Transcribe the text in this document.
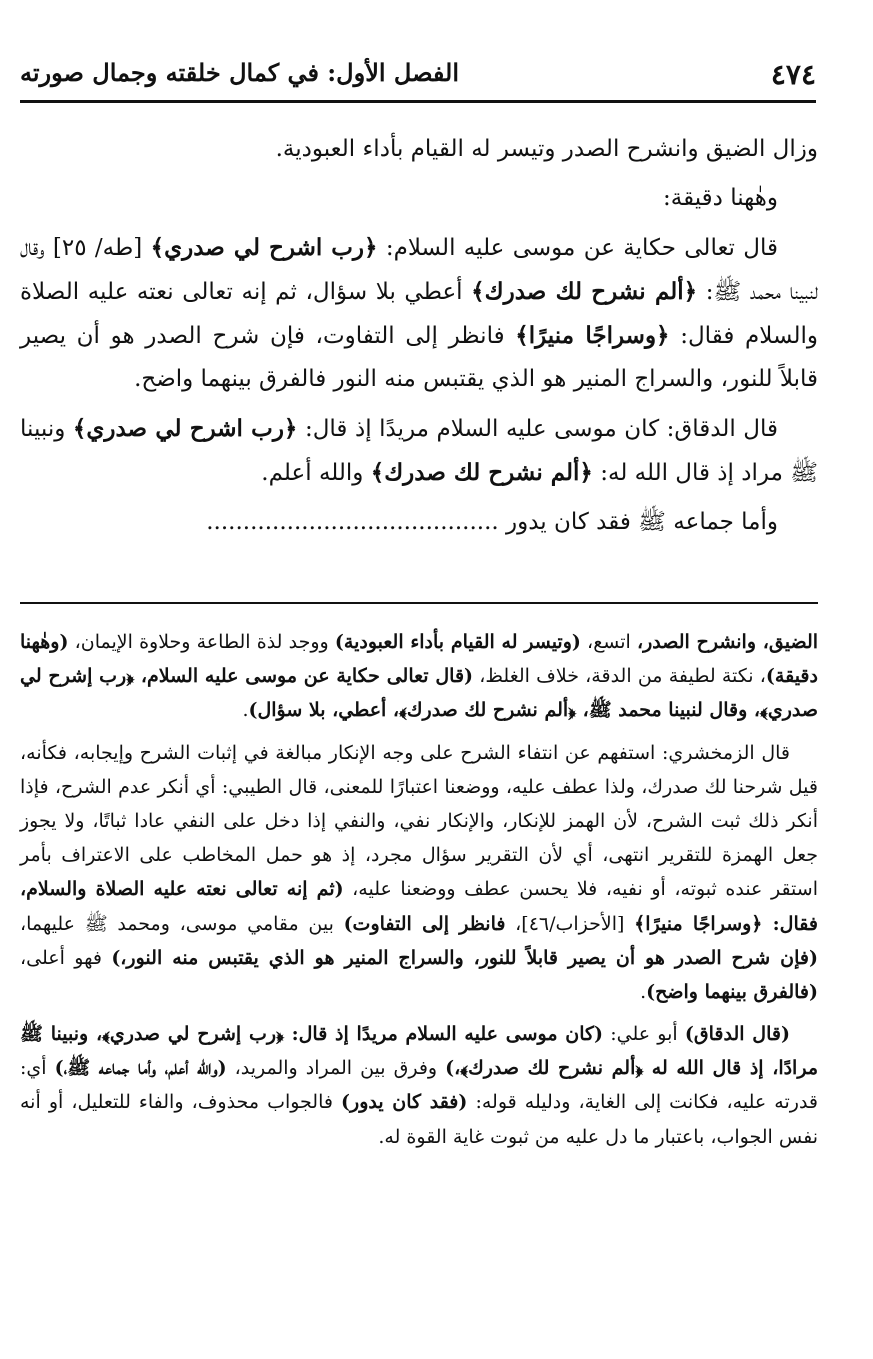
٤٧٤
الفصل الأول: في كمال خلقته وجمال صورته

وزال الضيق وانشرح الصدر وتيسر له القيام بأداء العبودية.

وهٰهنا دقيقة:

قال تعالى حكاية عن موسى عليه السلام: ﴿رب اشرح لي صدري﴾ [طه/ ٢٥] وقال لنبينا محمد ﷺ: ﴿ألم نشرح لك صدرك﴾ أعطي بلا سؤال، ثم إنه تعالى نعته عليه الصلاة والسلام فقال: ﴿وسراجًا منيرًا﴾ فانظر إلى التفاوت، فإن شرح الصدر هو أن يصير قابلاً للنور، والسراج المنير هو الذي يقتبس منه النور فالفرق بينهما واضح.

قال الدقاق: كان موسى عليه السلام مريدًا إذ قال: ﴿رب اشرح لي صدري﴾ ونبينا ﷺ مراد إذ قال الله له: ﴿ألم نشرح لك صدرك﴾ والله أعلم.

وأما جماعه ﷺ فقد كان يدور ........................................

الضيق، وانشرح الصدر، اتسع، (وتيسر له القيام بأداء العبودية) ووجد لذة الطاعة وحلاوة الإيمان، (وهٰهنا دقيقة)، نكتة لطيفة من الدقة، خلاف الغلظ، (قال تعالى حكاية عن موسى عليه السلام، ﴿رب إشرح لي صدري﴾، وقال لنبينا محمد ﷺ، ﴿ألم نشرح لك صدرك﴾، أعطي، بلا سؤال).

قال الزمخشري: استفهم عن انتفاء الشرح على وجه الإنكار مبالغة في إثبات الشرح وإيجابه، فكأنه، قيل شرحنا لك صدرك، ولذا عطف عليه، ووضعنا اعتبارًا للمعنى، قال الطيبي: أي أنكر عدم الشرح، فإذا أنكر ذلك ثبت الشرح، لأن الهمز للإنكار، والإنكار نفي، والنفي إذا دخل على النفي عادا ثباتًا، ولا يجوز جعل الهمزة للتقرير انتهى، أي لأن التقرير سؤال مجرد، إذ هو حمل المخاطب على الاعتراف بأمر استقر عنده ثبوته، أو نفيه، فلا يحسن عطف ووضعنا عليه، (ثم إنه تعالى نعته عليه الصلاة والسلام، فقال: ﴿وسراجًا منيرًا﴾ [الأحزاب/٤٦]، فانظر إلى التفاوت) بين مقامي موسى، ومحمد ﷺ عليهما، (فإن شرح الصدر هو أن يصير قابلاً للنور، والسراج المنير هو الذي يقتبس منه النور،) فهو أعلى، (فالفرق بينهما واضح).

(قال الدقاق) أبو علي: (كان موسى عليه السلام مريدًا إذ قال: ﴿رب إشرح لي صدري﴾، ونبينا ﷺ مرادًا، إذ قال الله له ﴿ألم نشرح لك صدرك﴾،) وفرق بين المراد والمريد، (والله أعلم، وأما جماعه ﷺ،) أي: قدرته عليه، فكانت إلى الغاية، ودليله قوله: (فقد كان يدور) فالجواب محذوف، والفاء للتعليل، أو أنه نفس الجواب، باعتبار ما دل عليه من ثبوت غاية القوة له.
